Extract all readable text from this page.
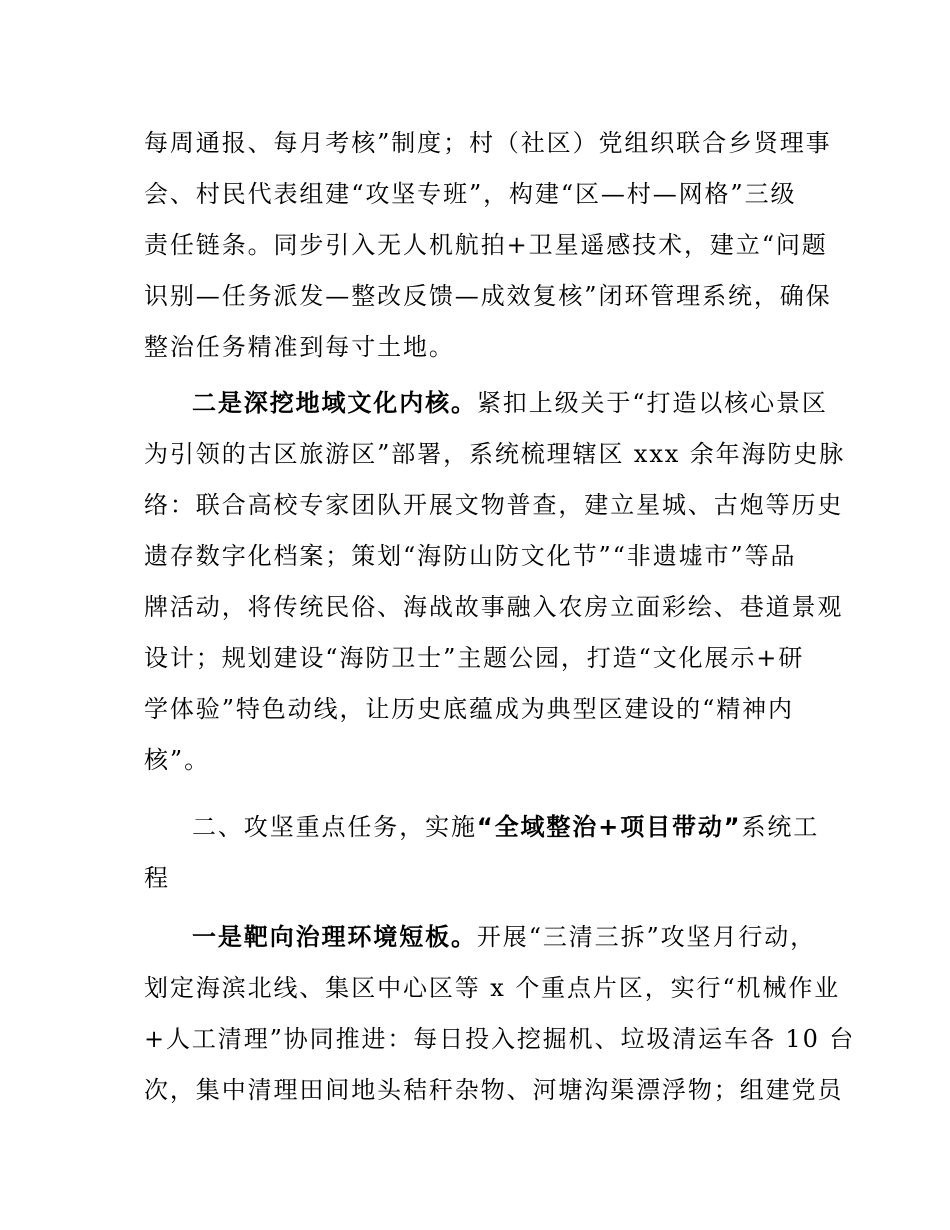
每周通报、每月考核”制度；村（社区）党组织联合乡贤理事
会、村民代表组建“攻坚专班”，构建“区—村—网格”三级
责任链条。同步引入无人机航拍+卫星遥感技术，建立“问题
识别—任务派发—整改反馈—成效复核”闭环管理系统，确保
整治任务精准到每寸土地。
二是深挖地域文化内核。紧扣上级关于“打造以核心景区
为引领的古区旅游区”部署，系统梳理辖区 xxx 余年海防史脉
络：联合高校专家团队开展文物普查，建立星城、古炮等历史
遗存数字化档案；策划“海防山防文化节”“非遗墟市”等品
牌活动，将传统民俗、海战故事融入农房立面彩绘、巷道景观
设计；规划建设“海防卫士”主题公园，打造“文化展示+研
学体验”特色动线，让历史底蕴成为典型区建设的“精神内
核”。
二、攻坚重点任务，实施“全域整治+项目带动”系统工
程
一是靶向治理环境短板。开展“三清三拆”攻坚月行动，
划定海滨北线、集区中心区等 x 个重点片区，实行“机械作业
+人工清理”协同推进：每日投入挖掘机、垃圾清运车各 10 台
次，集中清理田间地头秸秆杂物、河塘沟渠漂浮物；组建党员
